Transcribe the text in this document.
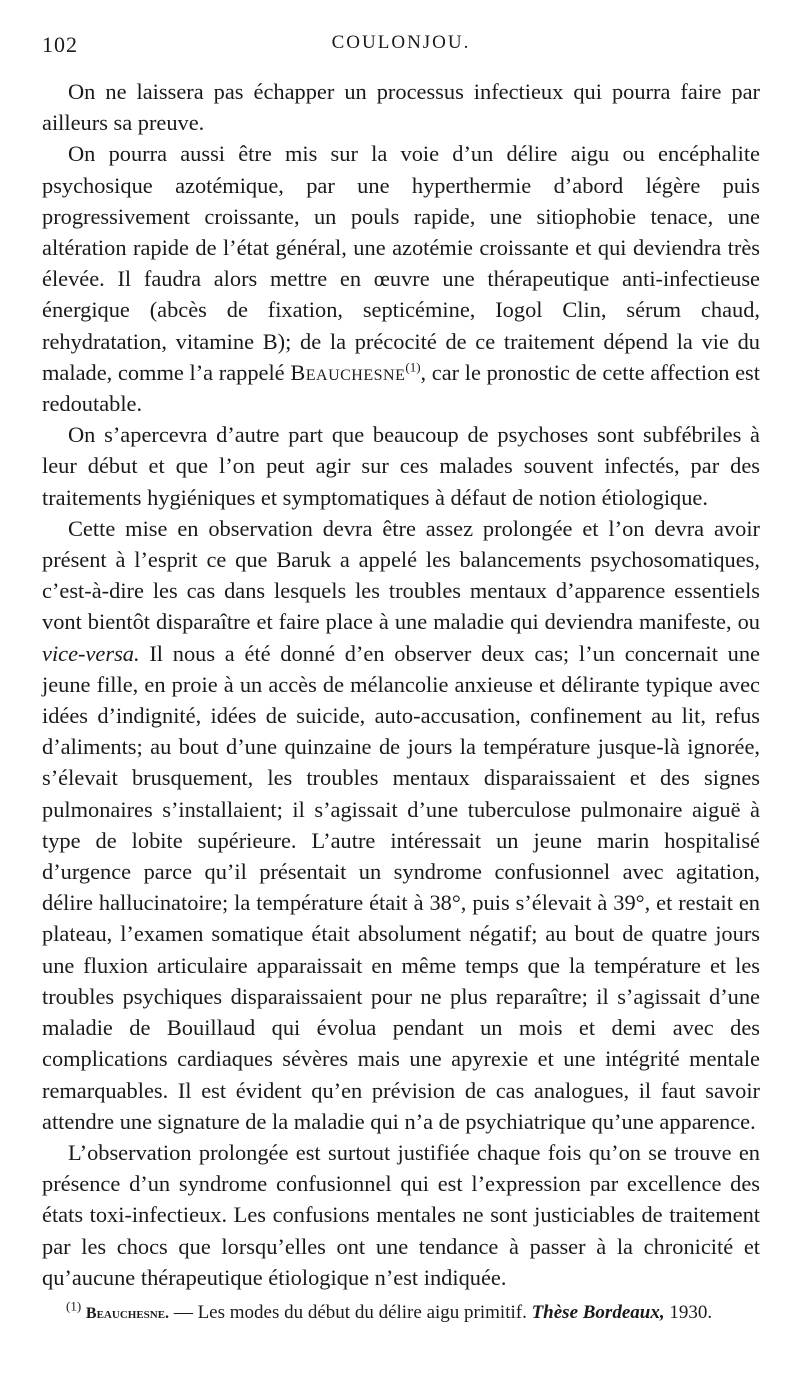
102	COULONJOU.

On ne laissera pas échapper un processus infectieux qui pourra faire par ailleurs sa preuve.

On pourra aussi être mis sur la voie d’un délire aigu ou encéphalite psychosique azotémique, par une hyperthermie d’abord légère puis progressivement croissante, un pouls rapide, une sitiophobie tenace, une altération rapide de l’état général, une azotémie croissante et qui deviendra très élevée. Il faudra alors mettre en œuvre une thérapeutique anti-infectieuse énergique (abcès de fixation, septicémine, Iogol Clin, sérum chaud, rehydratation, vitamine B); de la précocité de ce traitement dépend la vie du malade, comme l’a rappelé Beauchesne$^{(1)}$, car le pronostic de cette affection est redoutable.

On s’apercevra d’autre part que beaucoup de psychoses sont subfébriles à leur début et que l’on peut agir sur ces malades souvent infectés, par des traitements hygiéniques et symptomatiques à défaut de notion étiologique.

Cette mise en observation devra être assez prolongée et l’on devra avoir présent à l’esprit ce que Baruk a appelé les balancements psychosomatiques, c’est-à-dire les cas dans lesquels les troubles mentaux d’apparence essentiels vont bientôt disparaître et faire place à une maladie qui deviendra manifeste, ou vice-versa. Il nous a été donné d’en observer deux cas; l’un concernait une jeune fille, en proie à un accès de mélancolie anxieuse et délirante typique avec idées d’indignité, idées de suicide, auto-accusation, confinement au lit, refus d’aliments; au bout d’une quinzaine de jours la température jusque-là ignorée, s’élevait brusquement, les troubles mentaux disparaissaient et des signes pulmonaires s’installaient; il s’agissait d’une tuberculose pulmonaire aiguë à type de lobite supérieure. L’autre intéressait un jeune marin hospitalisé d’urgence parce qu’il présentait un syndrome confusionnel avec agitation, délire hallucinatoire; la température était à 38°, puis s’élevait à 39°, et restait en plateau, l’examen somatique était absolument négatif; au bout de quatre jours une fluxion articulaire apparaissait en même temps que la température et les troubles psychiques disparaissaient pour ne plus reparaître; il s’agissait d’une maladie de Bouillaud qui évolua pendant un mois et demi avec des complications cardiaques sévères mais une apyrexie et une intégrité mentale remarquables. Il est évident qu’en prévision de cas analogues, il faut savoir attendre une signature de la maladie qui n’a de psychiatrique qu’une apparence.

L’observation prolongée est surtout justifiée chaque fois qu’on se trouve en présence d’un syndrome confusionnel qui est l’expression par excellence des états toxi-infectieux. Les confusions mentales ne sont justiciables de traitement par les chocs que lorsqu’elles ont une tendance à passer à la chronicité et qu’aucune thérapeutique étiologique n’est indiquée.

$^{(1)}$ Beauchesne. — Les modes du début du délire aigu primitif. Thèse Bordeaux, 1930.
